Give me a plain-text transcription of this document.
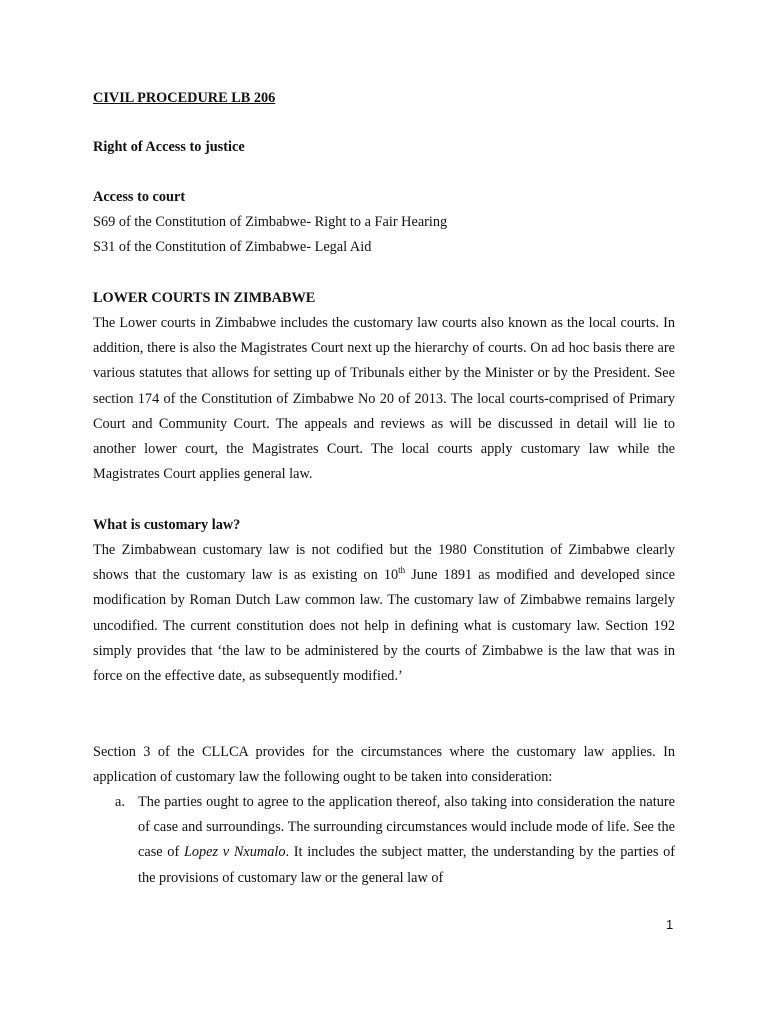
CIVIL PROCEDURE LB 206
Right of Access to justice
Access to court
S69 of the Constitution of Zimbabwe- Right to a Fair Hearing
S31 of the Constitution of Zimbabwe- Legal Aid
LOWER COURTS IN ZIMBABWE

The Lower courts in Zimbabwe includes the customary law courts also known as the local courts. In addition, there is also the Magistrates Court next up the hierarchy of courts. On ad hoc basis there are various statutes that allows for setting up of Tribunals either by the Minister or by the President. See section 174 of the Constitution of Zimbabwe No 20 of 2013. The local courts-comprised of Primary Court and Community Court. The appeals and reviews as will be discussed in detail will lie to another lower court, the Magistrates Court. The local courts apply customary law while the Magistrates Court applies general law.

What is customary law?

The Zimbabwean customary law is not codified but the 1980 Constitution of Zimbabwe clearly shows that the customary law is as existing on 10th June 1891 as modified and developed since modification by Roman Dutch Law common law. The customary law of Zimbabwe remains largely uncodified. The current constitution does not help in defining what is customary law. Section 192 simply provides that ‘the law to be administered by the courts of Zimbabwe is the law that was in force on the effective date, as subsequently modified.’

Section 3 of the CLLCA provides for the circumstances where the customary law applies. In application of customary law the following ought to be taken into consideration:

a. The parties ought to agree to the application thereof, also taking into consideration the nature of case and surroundings. The surrounding circumstances would include mode of life. See the case of Lopez v Nxumalo. It includes the subject matter, the understanding by the parties of the provisions of customary law or the general law of
1
